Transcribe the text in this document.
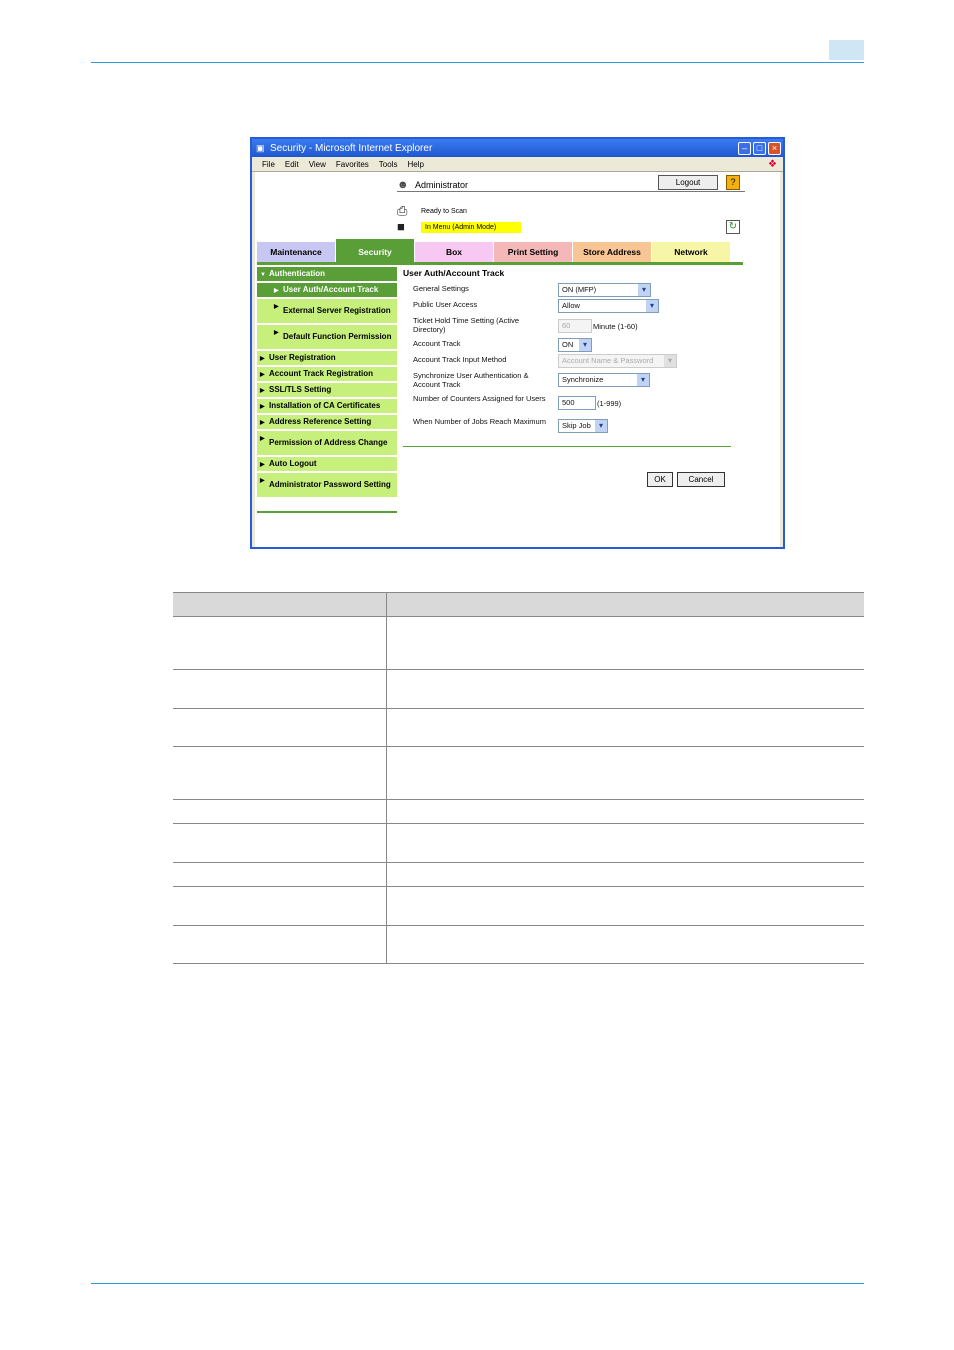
▣ Security - Microsoft Internet Explorer	–	□	×
File Edit View Favorites Tools Help	❖
☻ Administrator	Logout	?
⎙	Ready to Scan
■	In Menu (Admin Mode)	↻
Maintenance	Security	Box	Print Setting	Store Address	Network
▼ Authentication
▶ User Auth/Account Track
▶ External Server Registration
▶ Default Function Permission
▶ User Registration
▶ Account Track Registration
▶ SSL/TLS Setting
▶ Installation of CA Certificates
▶ Address Reference Setting
▶ Permission of Address Change
▶ Auto Logout
▶ Administrator Password Setting
User Auth/Account Track
General Settings	ON (MFP) ▾
Public User Access	Allow ▾
Ticket Hold Time Setting (Active Directory)	60	Minute (1-60)
Account Track	ON ▾
Account Track Input Method	Account Name & Password ▾
Synchronize User Authentication & Account Track
Synchronize ▾
Number of Counters Assigned for Users	500	(1-999)
When Number of Jobs Reach Maximum	Skip Job ▾
OK	Cancel
